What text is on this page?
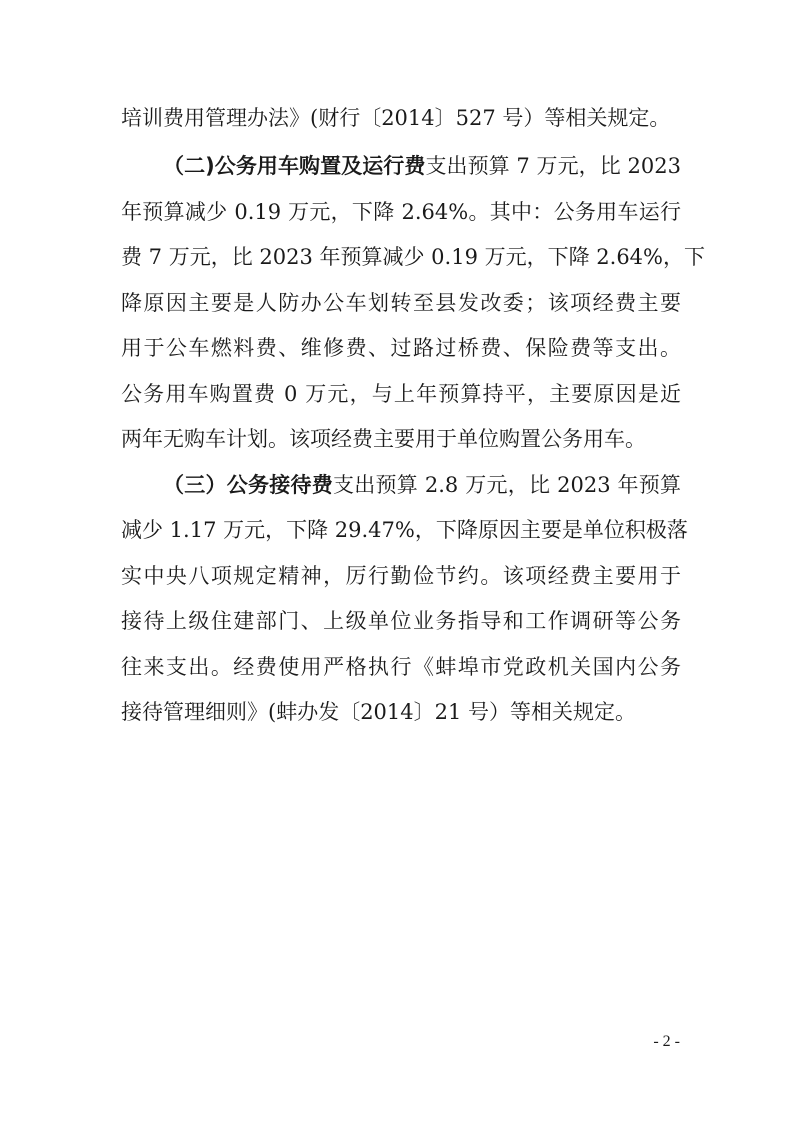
培训费用管理办法》(财行〔2014〕527 号）等相关规定。
（二)公务用车购置及运行费支出预算 7 万元，比 2023
年预算减少 0.19 万元，下降 2.64%。其中：公务用车运行
费 7 万元，比 2023 年预算减少 0.19 万元，下降 2.64%，下
降原因主要是人防办公车划转至县发改委；该项经费主要
用于公车燃料费、维修费、过路过桥费、保险费等支出。
公务用车购置费 0 万元，与上年预算持平，主要原因是近
两年无购车计划。该项经费主要用于单位购置公务用车。
（三）公务接待费支出预算 2.8 万元，比 2023 年预算
减少 1.17 万元，下降 29.47%，下降原因主要是单位积极落
实中央八项规定精神，厉行勤俭节约。该项经费主要用于
接待上级住建部门、上级单位业务指导和工作调研等公务
往来支出。经费使用严格执行《蚌埠市党政机关国内公务
接待管理细则》(蚌办发〔2014〕21 号）等相关规定。
- 2 -
